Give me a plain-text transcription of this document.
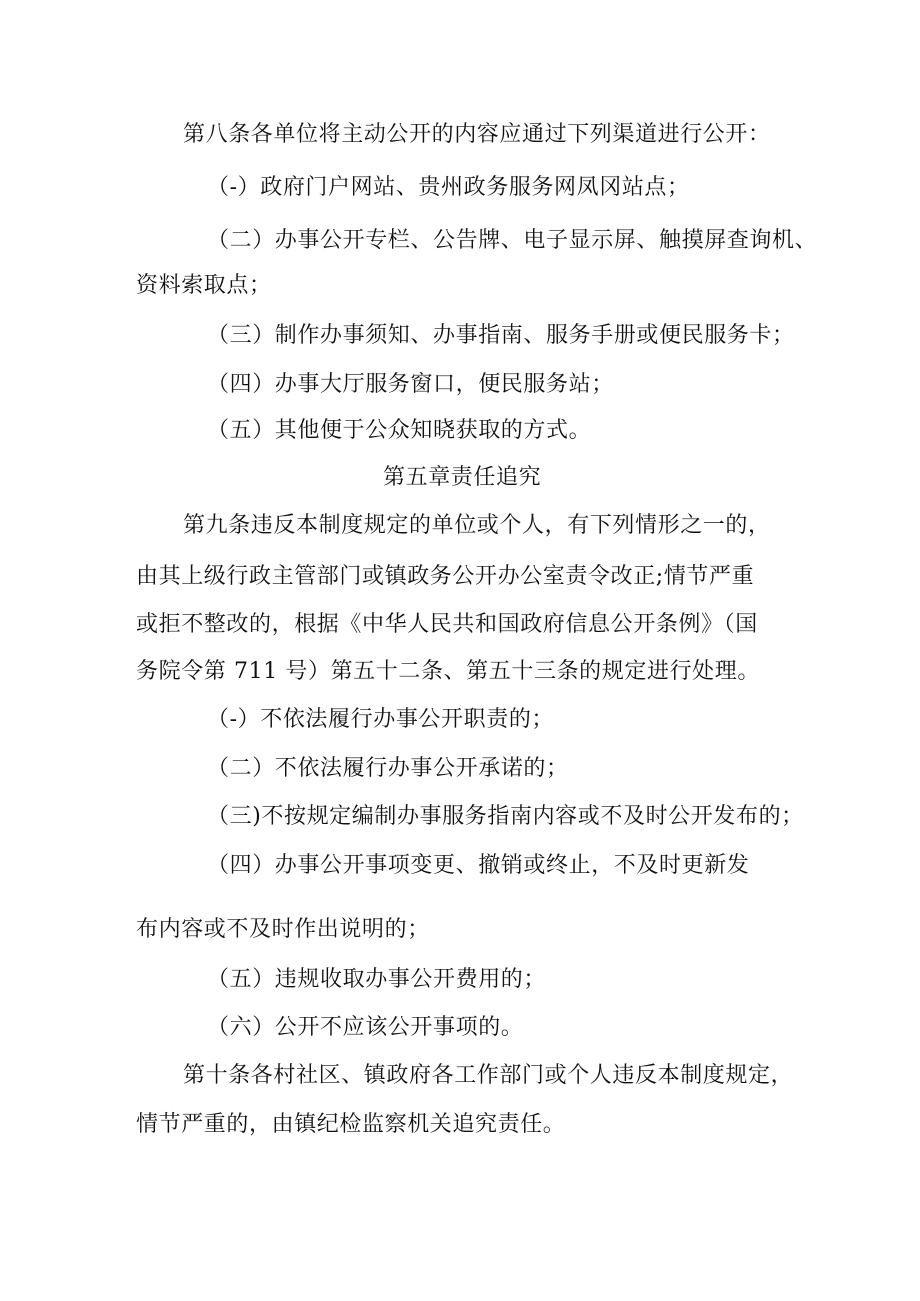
第八条各单位将主动公开的内容应通过下列渠道进行公开：
（-）政府门户网站、贵州政务服务网凤冈站点；
（二）办事公开专栏、公告牌、电子显示屏、触摸屏查询机、
资料索取点；
（三）制作办事须知、办事指南、服务手册或便民服务卡；
（四）办事大厅服务窗口，便民服务站；
（五）其他便于公众知晓获取的方式。
第五章责任追究
第九条违反本制度规定的单位或个人，有下列情形之一的，
由其上级行政主管部门或镇政务公开办公室责令改正;情节严重
或拒不整改的，根据《中华人民共和国政府信息公开条例》（国
务院令第 711 号）第五十二条、第五十三条的规定进行处理。
（-）不依法履行办事公开职责的；
（二）不依法履行办事公开承诺的；
（三)不按规定编制办事服务指南内容或不及时公开发布的；
（四）办事公开事项变更、撤销或终止，不及时更新发
布内容或不及时作出说明的；
（五）违规收取办事公开费用的；
（六）公开不应该公开事项的。
第十条各村社区、镇政府各工作部门或个人违反本制度规定，
情节严重的，由镇纪检监察机关追究责任。
